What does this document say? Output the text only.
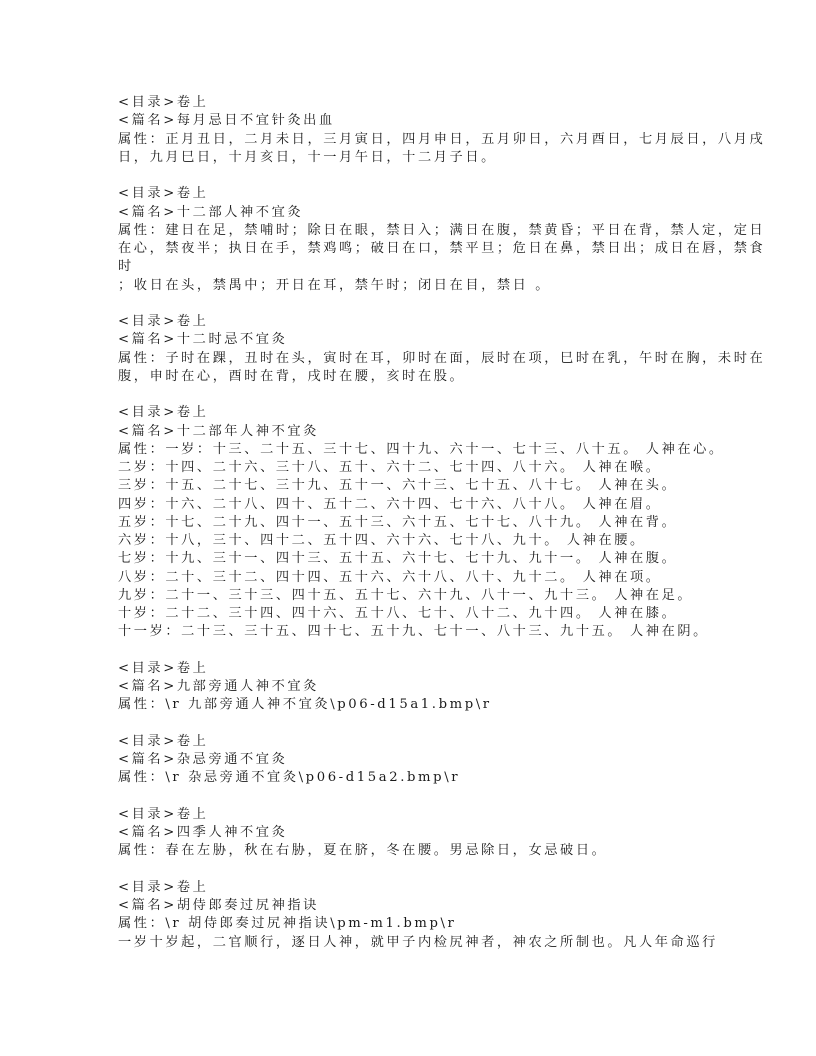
<目录>卷上
<篇名>每月忌日不宜针灸出血
属性：正月丑日，二月未日，三月寅日，四月申日，五月卯日，六月酉日，七月辰日，八月戌
日，九月巳日，十月亥日，十一月午日，十二月子日。
<目录>卷上
<篇名>十二部人神不宜灸
属性：建日在足，禁哺时；除日在眼，禁日入；满日在腹，禁黄昏；平日在背，禁人定，定日
在心，禁夜半；执日在手，禁鸡鸣；破日在口，禁平旦；危日在鼻，禁日出；成日在唇，禁食
时
；收日在头，禁禺中；开日在耳，禁午时；闭日在目，禁日 。
<目录>卷上
<篇名>十二时忌不宜灸
属性：子时在踝，丑时在头，寅时在耳，卯时在面，辰时在项，巳时在乳，午时在胸，未时在
腹，申时在心，酉时在背，戌时在腰，亥时在股。
<目录>卷上
<篇名>十二部年人神不宜灸
属性：一岁：十三、二十五、三十七、四十九、六十一、七十三、八十五。 人神在心。
二岁：十四、二十六、三十八、五十、六十二、七十四、八十六。 人神在喉。
三岁：十五、二十七、三十九、五十一、六十三、七十五、八十七。 人神在头。
四岁：十六、二十八、四十、五十二、六十四、七十六、八十八。 人神在眉。
五岁：十七、二十九、四十一、五十三、六十五、七十七、八十九。 人神在背。
六岁：十八，三十、四十二、五十四、六十六、七十八、九十。 人神在腰。
七岁：十九、三十一、四十三、五十五、六十七、七十九、九十一。 人神在腹。
八岁：二十、三十二、四十四、五十六、六十八、八十、九十二。 人神在项。
九岁：二十一、三十三、四十五、五十七、六十九、八十一、九十三。 人神在足。
十岁：二十二、三十四、四十六、五十八、七十、八十二、九十四。 人神在膝。
十一岁：二十三、三十五、四十七、五十九、七十一、八十三、九十五。 人神在阴。
<目录>卷上
<篇名>九部旁通人神不宜灸
属性：\r 九部旁通人神不宜灸\p06-d15a1.bmp\r
<目录>卷上
<篇名>杂忌旁通不宜灸
属性：\r 杂忌旁通不宜灸\p06-d15a2.bmp\r
<目录>卷上
<篇名>四季人神不宜灸
属性：春在左胁，秋在右胁，夏在脐，冬在腰。男忌除日，女忌破日。
<目录>卷上
<篇名>胡侍郎奏过尻神指诀
属性：\r 胡侍郎奏过尻神指诀\pm-m1.bmp\r
一岁十岁起，二官顺行，逐日人神，就甲子内检尻神者，神农之所制也。凡人年命巡行
